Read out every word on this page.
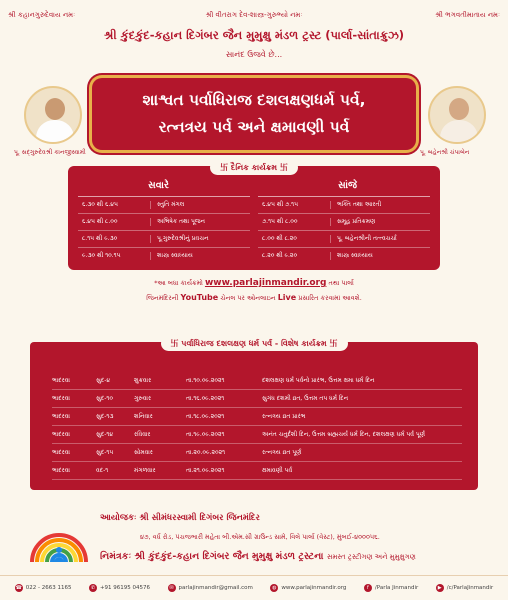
શ્રી કહાનગુરુદેવાય નમઃ	શ્રી વીતરાગ દેવ-શાસ્ત્ર-ગુરુભ્યો નમઃ	શ્રી ભગવતીમાતાય નમઃ
શ્રી કુંદકુંદ-કહાન દિગંબર જૈન મુમુક્ષુ મંડળ ટ્રસ્ટ (પાર્લા-સાંતાક્રુઝ)
સાનંદ ઉજવે છે...
પૂ. સદ્ગુરુદેવશ્રી કાનજીસ્વામી	પૂ. બહેનશ્રી ચંપાબેન
શાશ્વત પર્વાધિરાજ દશલક્ષણધર્મ પર્વ,
રત્નત્રય પર્વ અને ક્ષમાવણી પર્વ
卐 દૈનિક કાર્યક્રમ 卐
સવારે	સાંજે
૬.૩૦ થી ૬.૪૫	સ્તુતિ મંગલ
૬.૪૫ થી ૮.૦૦	અભિષેક તથા પૂજન
૮.૧૫ થી ૯.૩૦	પૂ.ગુરુદેવશ્રીનું પ્રવચન
૯.૩૦ થી ૧૦.૧૫	શાસ્ત્ર સ્વાધ્યાય
૬.૪૫ થી ૭.૧૫	ભક્તિ તથા આરતી
૭.૧૫ થી ૮.૦૦	સમૂહ પ્રતિક્રમણ
૮.૦૦ થી ૮.૨૦	પૂ. બહેનશ્રીની તત્ત્વચર્ચા
૮.૨૦ થી ૯.૨૦	શાસ્ત્ર સ્વાધ્યાય
*આ બધા કાર્યક્રમો www.parlajinmandir.org તથા પાર્લા
જિનમંદિરની YouTube ચેનલ પર ઓનલાઇન Live પ્રસારિત કરવામાં આવશે.
卐 પર્વાધિરાજ દશલક્ષણ ધર્મ પર્વ - વિશેષ કાર્યક્રમ 卐
ભાદરવા	સુદ-૪	શુક્રવાર	તા.૧૦.૦૯.૨૦૨૧	દશલક્ષણ ધર્મ પર્વનો પ્રારંભ, ઉત્તમ ક્ષમા ધર્મ દિન
ભાદરવા	સુદ-૧૦	ગુરુવાર	તા.૧૬.૦૯.૨૦૨૧	સુગંધ દશમી વ્રત, ઉત્તમ તપ ધર્મ દિન
ભાદરવા	સુદ-૧૩	શનિવાર	તા.૧૮.૦૯.૨૦૨૧	રત્નત્રય વ્રત પ્રારંભ
ભાદરવા	સુદ-૧૪	રવિવાર	તા.૧૯.૦૯.૨૦૨૧	અનંત ચતુર્દશી દિન, ઉત્તમ બ્રહ્મચર્ય ધર્મ દિન, દશલક્ષણ ધર્મ પર્વ પૂર્ણ
ભાદરવા	સુદ-૧૫	સોમવાર	તા.૨૦.૦૯.૨૦૨૧	રત્નત્રય વ્રત પૂર્ણ
ભાદરવા	વદ-૧	મંગળવાર	તા.૨૧.૦૯.૨૦૨૧	ક્ષમાવણી પર્વ
આયોજકઃ શ્રી સીમંધરસ્વામી દિગંબર જિનમંદિર
૪૭, વર્ધ રોડ, પંચજભારી મહેતા બી.એમ.સી ગ્રાઉન્ડ સામે, વિલે પાર્લા (વેસ્ટ), મુંબઈ-૪૦૦૦૫૬.
નિમંત્રકઃ શ્રી કુંદકુંદ-કહાન દિગંબર જૈન મુમુક્ષુ મંડળ ટ્રસ્ટના સમસ્ત ટ્રસ્ટીગણ અને મુમુક્ષુગણ
☎ 022 - 2663 1165	✆ +91 96195 04576	✉ parlajinmandir@gmail.com	◍ www.parlajinmandir.org	f	/Parla Jinmandir	▶ /c/ParlaJinmandir
